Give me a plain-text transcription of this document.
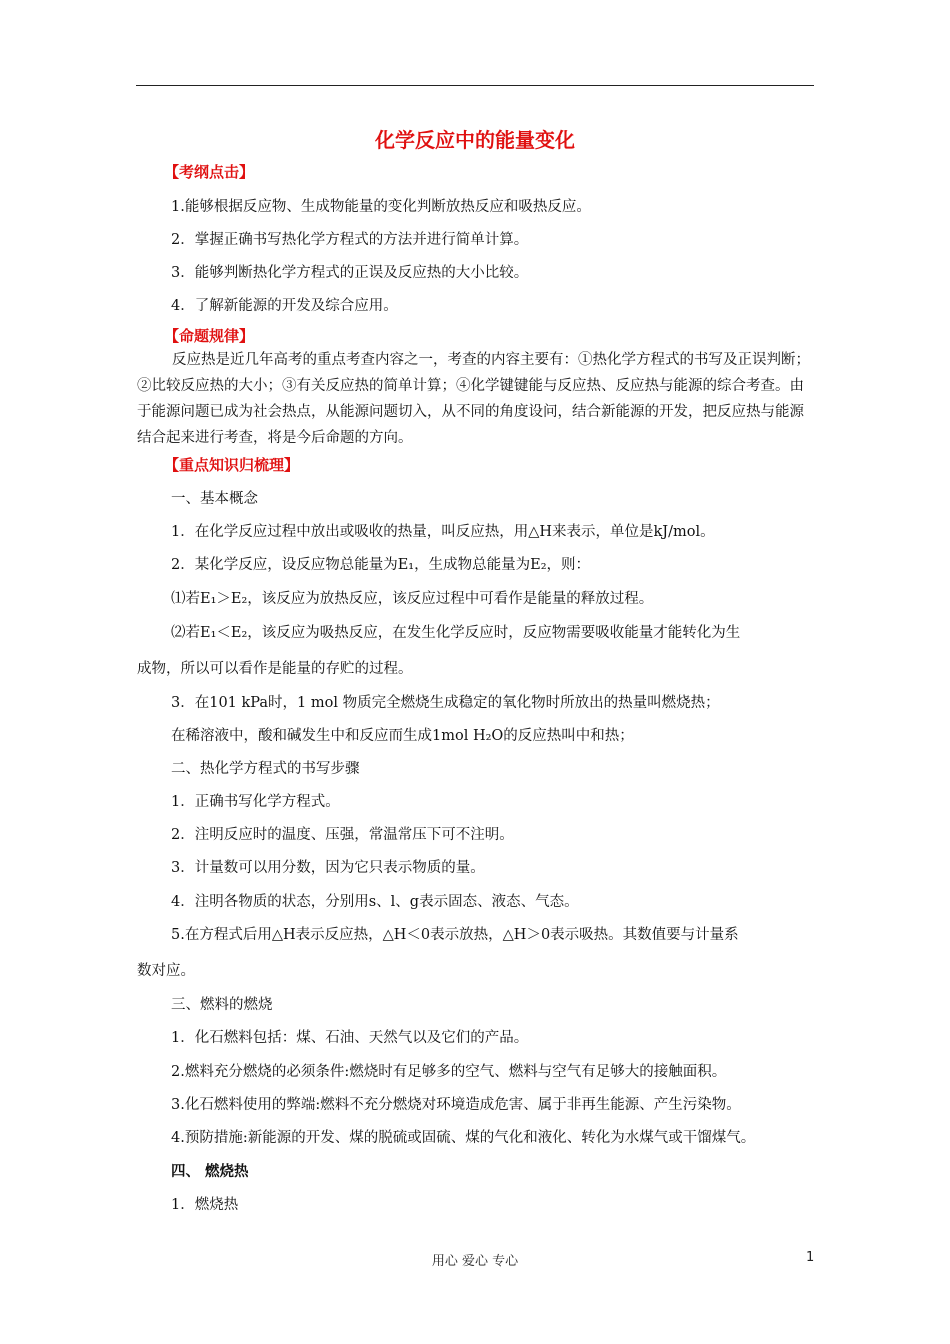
化学反应中的能量变化
【考纲点击】
1.能够根据反应物、生成物能量的变化判断放热反应和吸热反应。
2．掌握正确书写热化学方程式的方法并进行简单计算。
3．能够判断热化学方程式的正误及反应热的大小比较。
4．了解新能源的开发及综合应用。
【命题规律】
反应热是近几年高考的重点考查内容之一，考查的内容主要有：①热化学方程式的书写及正误判断；②比较反应热的大小；③有关反应热的简单计算；④化学键键能与反应热、反应热与能源的综合考查。由于能源问题已成为社会热点，从能源问题切入，从不同的角度设问，结合新能源的开发，把反应热与能源结合起来进行考查，将是今后命题的方向。
【重点知识归梳理】
一、基本概念
1．在化学反应过程中放出或吸收的热量，叫反应热，用△H来表示，单位是kJ/mol。
2．某化学反应，设反应物总能量为E₁，生成物总能量为E₂，则：
⑴若E₁＞E₂，该反应为放热反应，该反应过程中可看作是能量的释放过程。
⑵若E₁＜E₂，该反应为吸热反应，在发生化学反应时，反应物需要吸收能量才能转化为生
成物，所以可以看作是能量的存贮的过程。
3．在101 kPa时，1 mol 物质完全燃烧生成稳定的氧化物时所放出的热量叫燃烧热；
在稀溶液中，酸和碱发生中和反应而生成1mol H₂O的反应热叫中和热；
二、热化学方程式的书写步骤
1．正确书写化学方程式。
2．注明反应时的温度、压强，常温常压下可不注明。
3．计量数可以用分数，因为它只表示物质的量。
4．注明各物质的状态，分别用s、l、g表示固态、液态、气态。
5.在方程式后用△H表示反应热，△H＜0表示放热，△H＞0表示吸热。其数值要与计量系
数对应。
三、燃料的燃烧
1．化石燃料包括：煤、石油、天然气以及它们的产品。
2.燃料充分燃烧的必须条件:燃烧时有足够多的空气、燃料与空气有足够大的接触面积。
3.化石燃料使用的弊端:燃料不充分燃烧对环境造成危害、属于非再生能源、产生污染物。
4.预防措施:新能源的开发、煤的脱硫或固硫、煤的气化和液化、转化为水煤气或干馏煤气。
四、 燃烧热
1．燃烧热
用心 爱心 专心	1
